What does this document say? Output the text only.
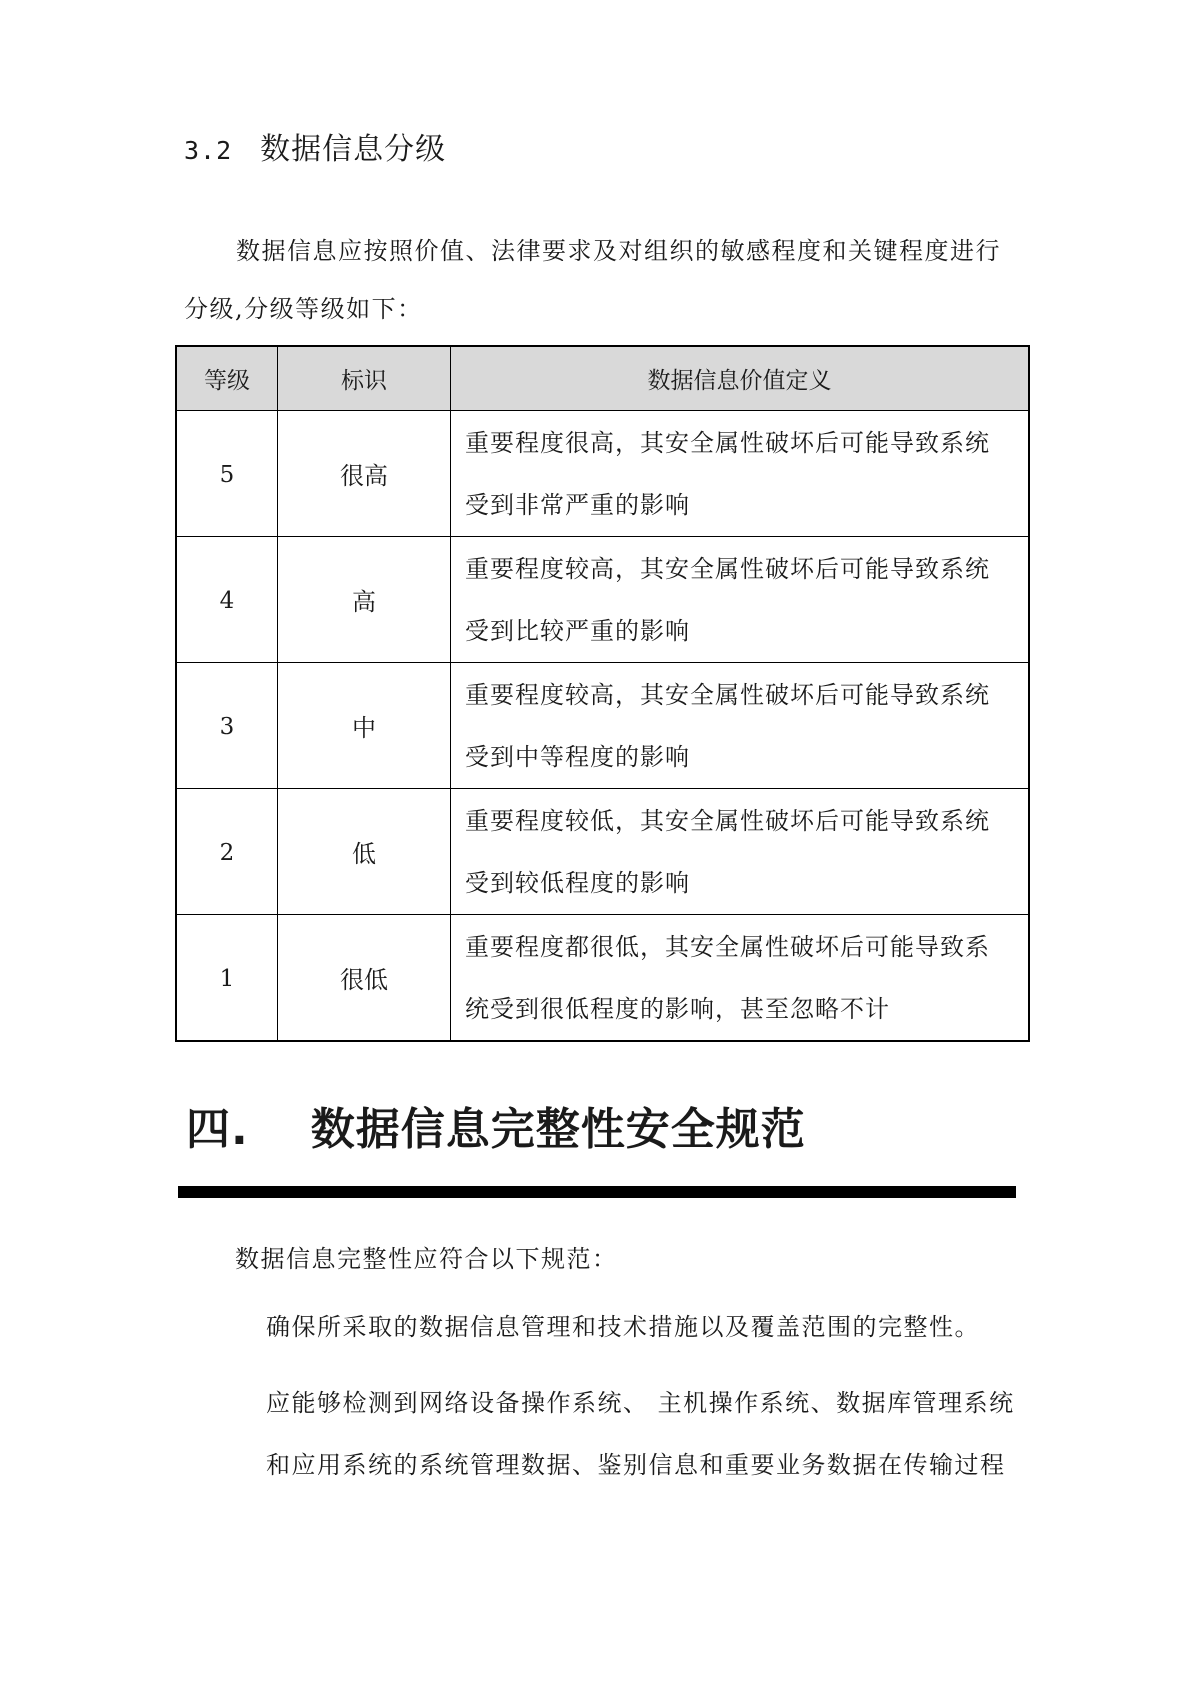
3.2 数据信息分级

数据信息应按照价值、法律要求及对组织的敏感程度和关键程度进行分级,分级等级如下：

等级	标识	数据信息价值定义
5	很高	重要程度很高，其安全属性破坏后可能导致系统受到非常严重的影响

4	高	重要程度较高，其安全属性破坏后可能导致系统受到比较严重的影响

3	中	重要程度较高，其安全属性破坏后可能导致系统受到中等程度的影响

2	低	重要程度较低，其安全属性破坏后可能导致系统受到较低程度的影响

1	很低	重要程度都很低，其安全属性破坏后可能导致系统受到很低程度的影响，甚至忽略不计
四. 数据信息完整性安全规范

数据信息完整性应符合以下规范：

确保所采取的数据信息管理和技术措施以及覆盖范围的完整性。

应能够检测到网络设备操作系统、 主机操作系统、数据库管理系统和应用系统的系统管理数据、鉴别信息和重要业务数据在传输过程
